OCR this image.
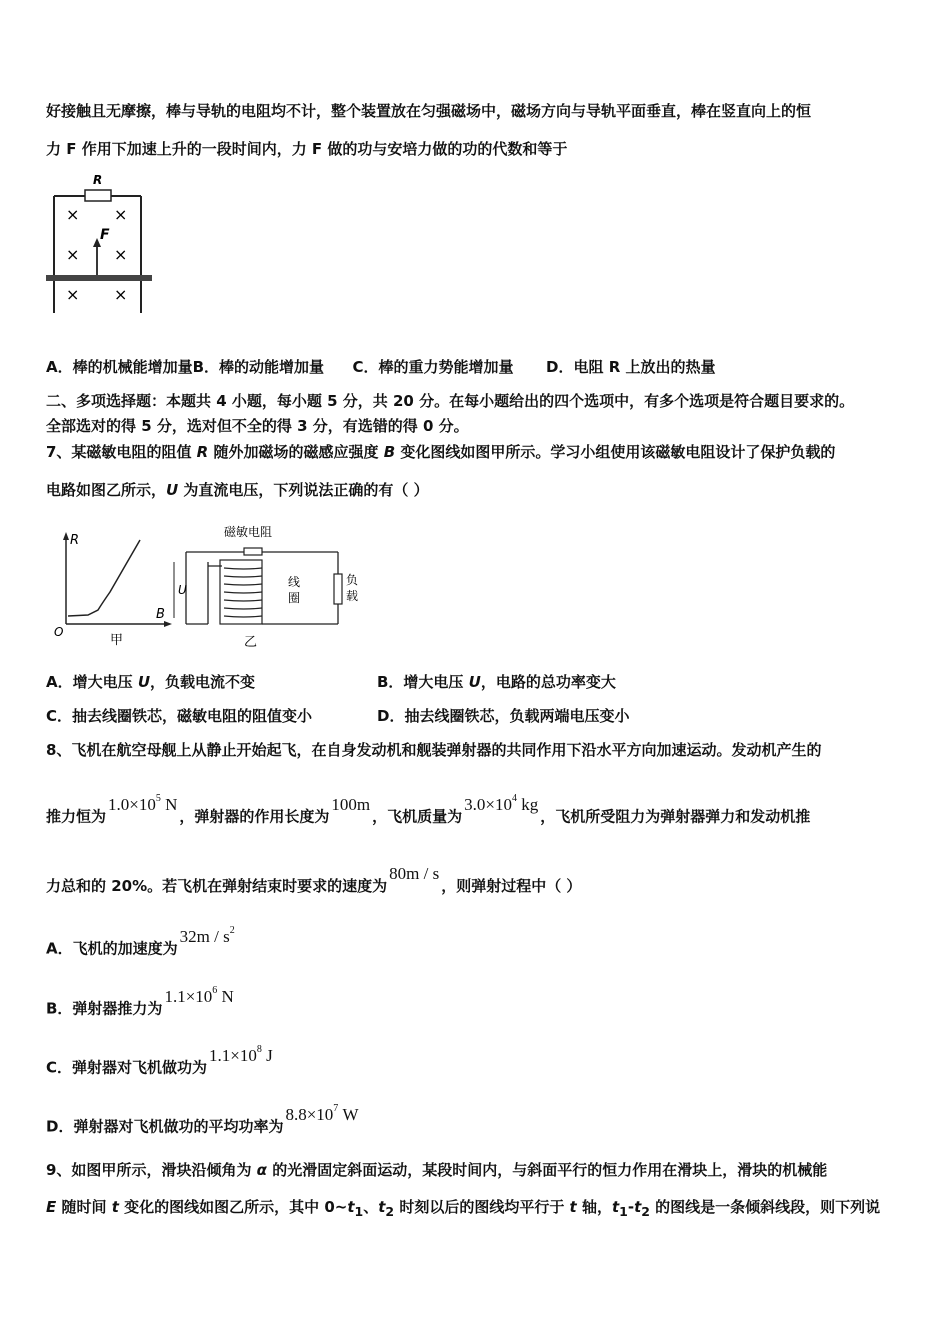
好接触且无摩擦，棒与导轨的电阻均不计，整个装置放在匀强磁场中，磁场方向与导轨平面垂直，棒在竖直向上的恒
力 F 作用下加速上升的一段时间内，力 F 做的功与安培力做的功的代数和等于
R
× ×
× ×
× ×
F
A．棒的机械能增加量B．棒的动能增加量 C．棒的重力势能增加量 D．电阻 R 上放出的热量
二、多项选择题：本题共 4 小题，每小题 5 分，共 20 分。在每小题给出的四个选项中，有多个选项是符合题目要求的。
全部选对的得 5 分，选对但不全的得 3 分，有选错的得 0 分。
7、某磁敏电阻的阻值 R 随外加磁场的磁感应强度 B 变化图线如图甲所示。学习小组使用该磁敏电阻设计了保护负载的
电路如图乙所示，U 为直流电压，下列说法正确的有（ ）
R
B
O
甲
磁敏电阻
U
线
圈
负
载
乙
A．增大电压 U，负载电流不变	B．增大电压 U，电路的总功率变大
C．抽去线圈铁芯，磁敏电阻的阻值变小	D．抽去线圈铁芯，负载两端电压变小
8、飞机在航空母舰上从静止开始起飞，在自身发动机和舰装弹射器的共同作用下沿水平方向加速运动。发动机产生的
推力恒为$1.0\times 10^5$ N，弹射器的作用长度为100m，飞机质量为$3.0\times 10^4$ kg，飞机所受阻力为弹射器弹力和发动机推
力总和的 20%。若飞机在弹射结束时要求的速度为80m / s，则弹射过程中（ ）
A．飞机的加速度为$32m / s^2$
B．弹射器推力为$1.1\times 10^6$ N
C．弹射器对飞机做功为$1.1\times 10^8$ J
D．弹射器对飞机做功的平均功率为$8.8\times 10^7$ W
9、如图甲所示，滑块沿倾角为 α 的光滑固定斜面运动，某段时间内，与斜面平行的恒力作用在滑块上，滑块的机械能
E 随时间 t 变化的图线如图乙所示，其中 $0\sim t_1$、$t_2$ 时刻以后的图线均平行于 t 轴，$t_1-t_2$ 的图线是一条倾斜线段，则下列说
